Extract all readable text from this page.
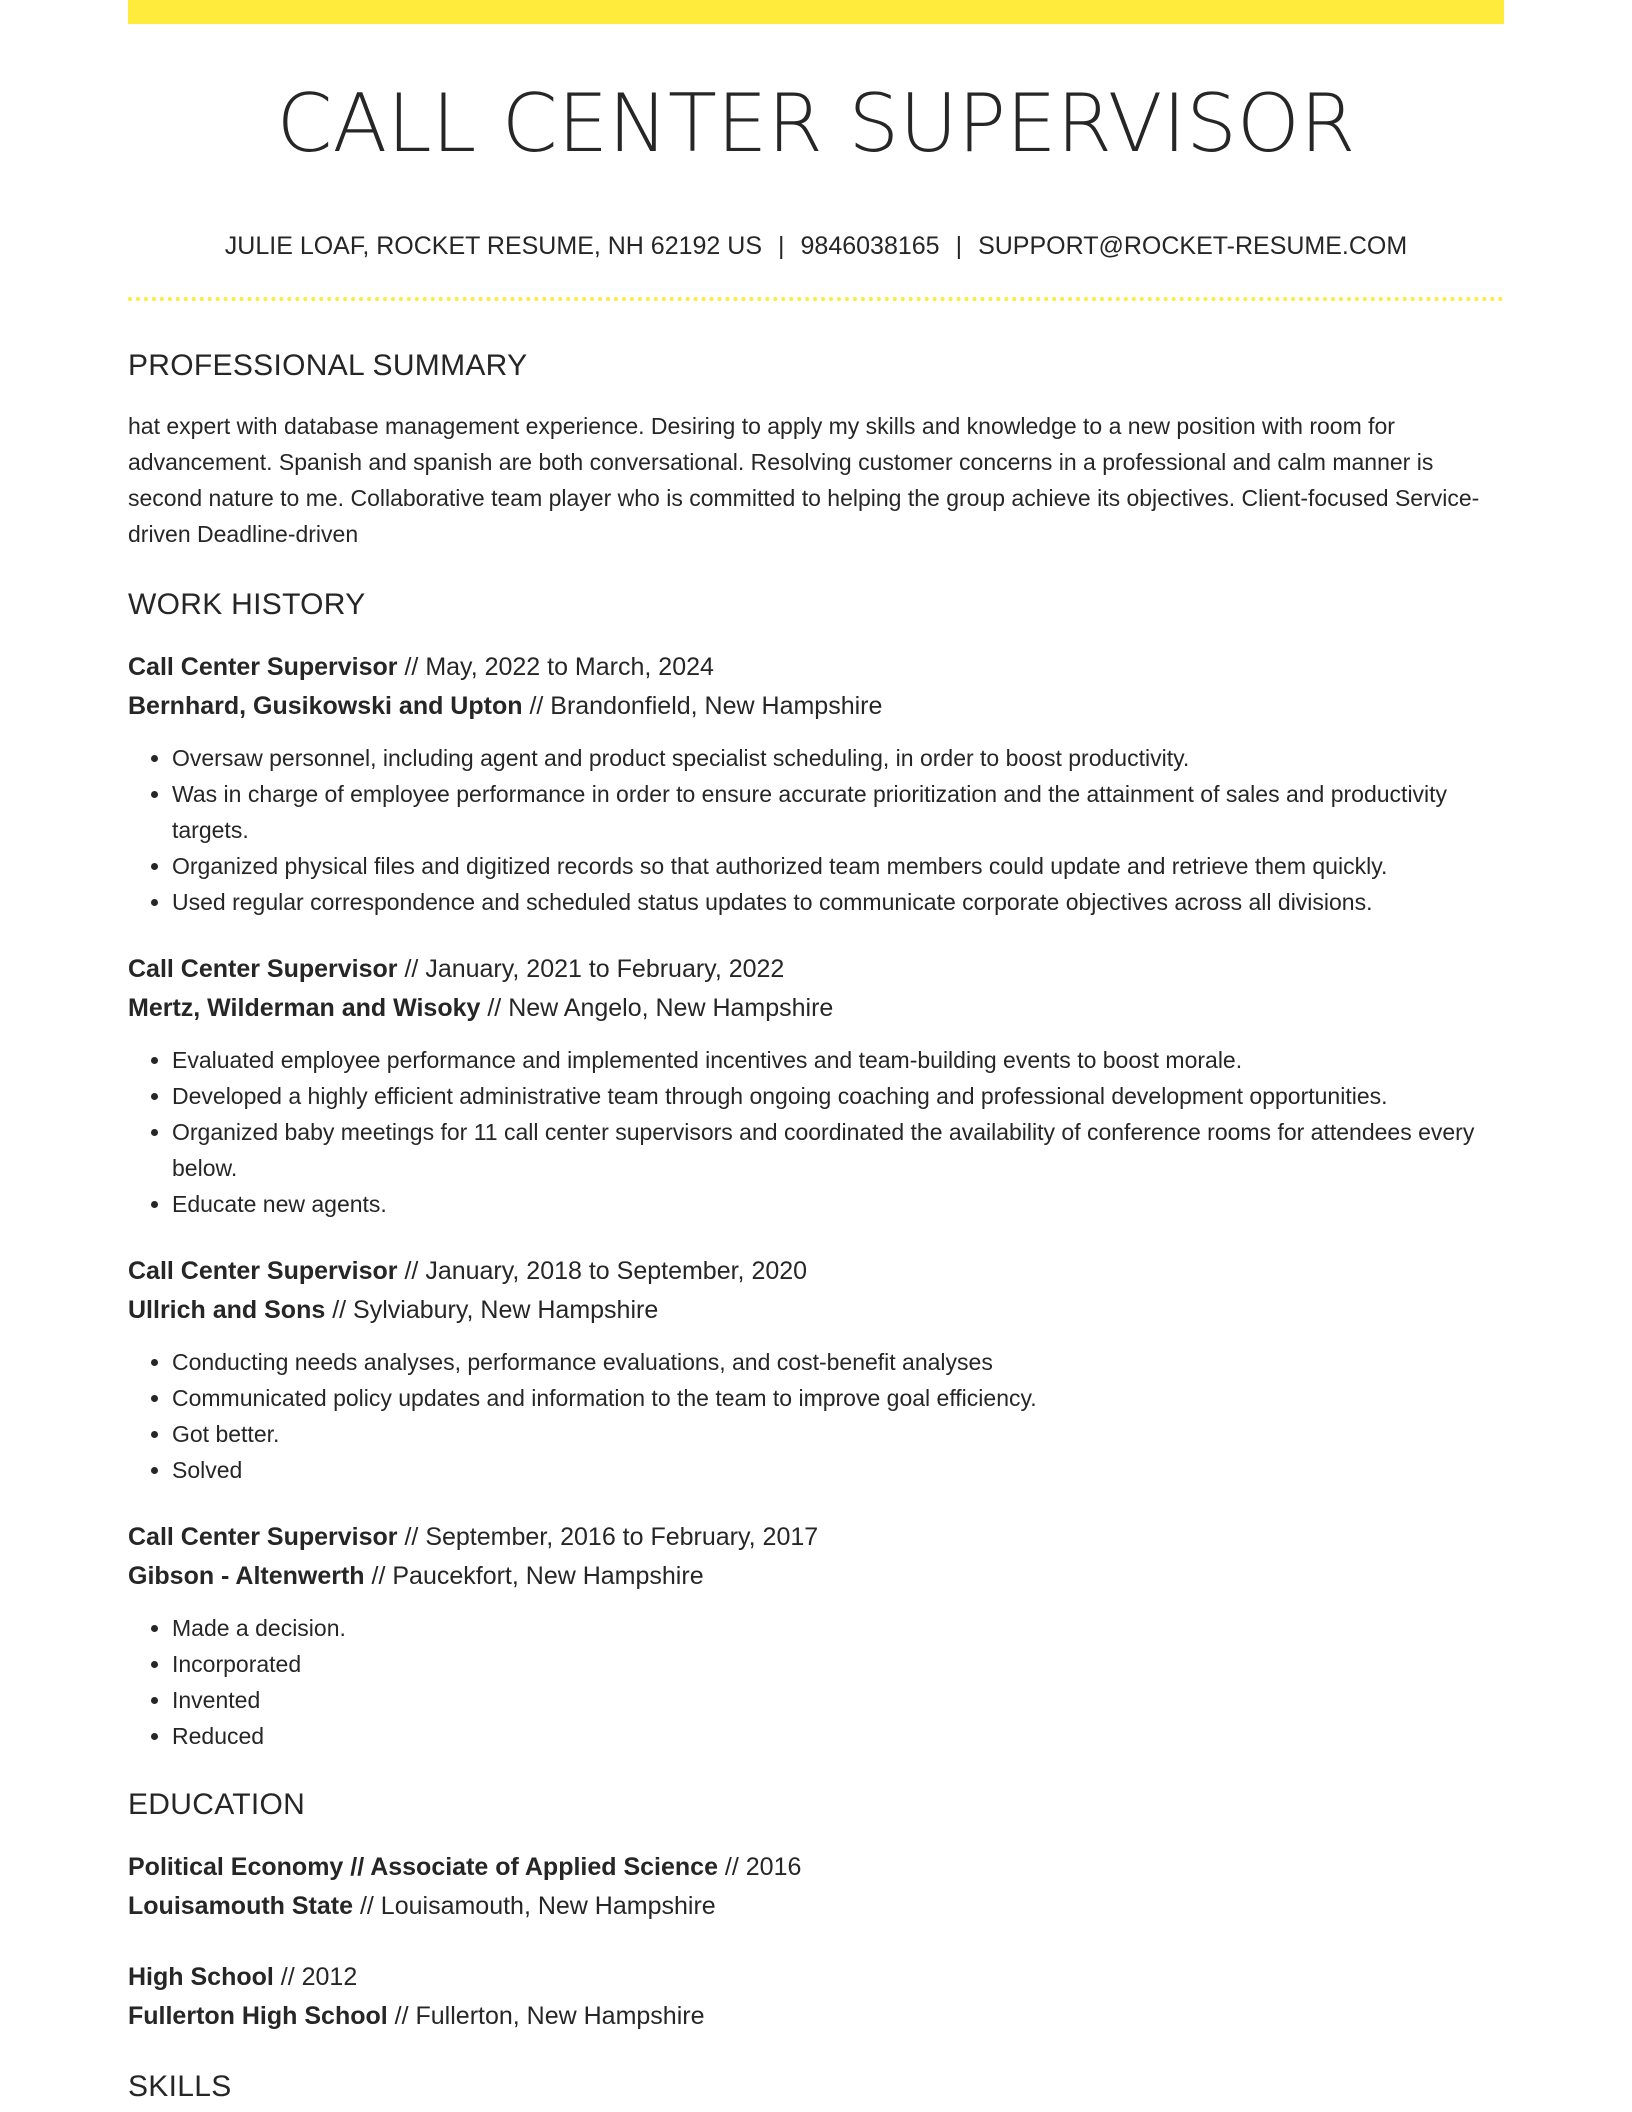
CALL CENTER SUPERVISOR
JULIE LOAF, ROCKET RESUME, NH 62192 US | 9846038165 | SUPPORT@ROCKET-RESUME.COM
PROFESSIONAL SUMMARY
hat expert with database management experience. Desiring to apply my skills and knowledge to a new position with room for advancement. Spanish and spanish are both conversational. Resolving customer concerns in a professional and calm manner is second nature to me. Collaborative team player who is committed to helping the group achieve its objectives. Client-focused Service-driven Deadline-driven
WORK HISTORY
Call Center Supervisor // May, 2022 to March, 2024
Bernhard, Gusikowski and Upton // Brandonfield, New Hampshire
• Oversaw personnel, including agent and product specialist scheduling, in order to boost productivity.
• Was in charge of employee performance in order to ensure accurate prioritization and the attainment of sales and productivity targets.
• Organized physical files and digitized records so that authorized team members could update and retrieve them quickly.
• Used regular correspondence and scheduled status updates to communicate corporate objectives across all divisions.
Call Center Supervisor // January, 2021 to February, 2022
Mertz, Wilderman and Wisoky // New Angelo, New Hampshire
• Evaluated employee performance and implemented incentives and team-building events to boost morale.
• Developed a highly efficient administrative team through ongoing coaching and professional development opportunities.
• Organized baby meetings for 11 call center supervisors and coordinated the availability of conference rooms for attendees every below.
• Educate new agents.
Call Center Supervisor // January, 2018 to September, 2020
Ullrich and Sons // Sylviabury, New Hampshire
• Conducting needs analyses, performance evaluations, and cost-benefit analyses
• Communicated policy updates and information to the team to improve goal efficiency.
• Got better.
• Solved
Call Center Supervisor // September, 2016 to February, 2017
Gibson - Altenwerth // Paucekfort, New Hampshire
• Made a decision.
• Incorporated
• Invented
• Reduced
EDUCATION
Political Economy // Associate of Applied Science // 2016
Louisamouth State // Louisamouth, New Hampshire
High School // 2012
Fullerton High School // Fullerton, New Hampshire
SKILLS
